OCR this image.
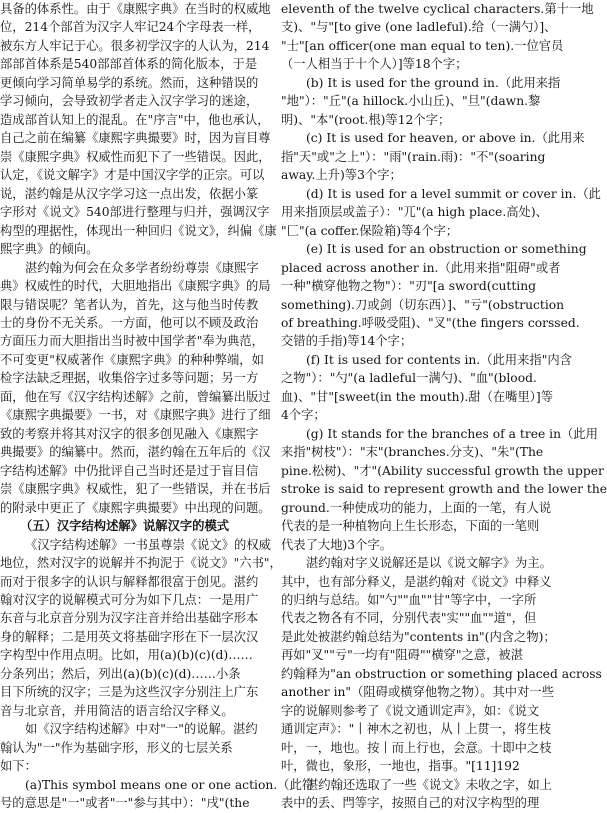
具备的体系性。由于《康熙字典》在当时的权威地
位，214个部首为汉字人牢记24个字母表一样，
被东方人牢记于心。很多初学汉字的人认为，214
部部首体系是540部部首体系的简化版本，于是
更倾向学习简单易学的系统。然而，这种错误的
学习倾向，会导致初学者走入汉字学习的迷途，
造成部首认知上的混乱。在"序言"中，他也承认，
自己之前在编纂《康熙字典撮要》时，因为盲目尊
崇《康熙字典》权威性而犯下了一些错误。因此，
认定，《说文解字》才是中国汉字学的正宗。可以
说，湛约翰是从汉字学习这一点出发，依据小篆
字形对《说文》540部进行整理与归并，强调汉字
构型的理据性，体现出一种回归《说文》，纠偏《康
熙字典》的倾向。
湛约翰为何会在众多学者纷纷尊崇《康熙字
典》权威性的时代，大胆地指出《康熙字典》的局
限与错误呢？笔者认为，首先，这与他当时传教
士的身份不无关系。一方面，他可以不顾及政治
方面压力而大胆指出当时被中国学者"奉为典范，
不可变更"权威著作《康熙字典》的种种弊端，如
检字法缺乏理据，收集俗字过多等问题；另一方
面，他在写《汉字结构述解》之前，曾编纂出版过
《康熙字典撮要》一书，对《康熙字典》进行了细
致的考察并将其对汉字的很多创见融入《康熙字
典撮要》的编纂中。然而，湛约翰在五年后的《汉
字结构述解》中仍批评自己当时还是过于盲目信
崇《康熙字典》权威性，犯了一些错误，并在书后
的附录中更正了《康熙字典撮要》中出现的问题。
（五）汉字结构述解》说解汉字的模式
《汉字结构述解》一书虽尊崇《说文》的权威
地位，然对汉字的说解并不拘泥于《说文》"六书"，
而对于很多字的认识与解释都很富于创见。湛约
翰对汉字的说解模式可分为如下几点：一是用广
东音与北京音分别为汉字注音并给出基础字形本
身的解释；二是用英文将基础字形在下一层次汉
字构型中作用点明。比如，用(a)(b)(c)(d)……
分条列出；然后，列出(a)(b)(c)(d)……小条
目下所统的汉字；三是为这些汉字分别注上广东
音与北京音，并用简洁的语言给汉字释义。
如《汉字结构述解》中对"一"的说解。湛约
翰认为"一"作为基础字形，形义的七层关系
如下：
(a)This symbol means one or one action.（此符
号的意思是"一"或者"一"参与其中）："戌"(the
eleventh of the twelve cyclical characters.第十一地
支)、"与"[to give (one ladleful).给（一满勺）]、
"士"[an officer(one man equal to ten).一位官员
（一人相当于十个人）]等18个字；
(b) It is used for the ground in.（此用来指
"地"）："丘"(a hillock.小山丘)、"旦"(dawn.黎
明)、"本"(root.根)等12个字；
(c) It is used for heaven, or above in.（此用来
指"天"或"之上"）："雨"(rain.雨)："不"(soaring
away.上升)等3个字；
(d) It is used for a level summit or cover in.（此
用来指顶层或盖子）："兀"(a high place.高处)、
"匚"(a coffer.保险箱)等4个字；
(e) It is used for an obstruction or something
placed across another in.（此用来指"阻碍"或者
一种"横穿他物之物"）："刃"[a sword(cutting
something).刀或剑（切东西）]、"亏"(obstruction
of breathing.呼吸受阻)、"叉"(the fingers corssed.
交错的手指)等14个字；
(f) It is used for contents in.（此用来指"内含
之物"）："勺"(a ladleful一满勺)、"血"(blood.
血)、"甘"[sweet(in the mouth).甜（在嘴里）]等
4个字；
(g) It stands for the branches of a tree in（此用
来指"树枝"）："末"(branches.分支)、"朱"(The
pine.松树)、"才"(Ability successful growth the upper
stroke is said to represent growth and the lower the
ground.一种使成功的能力，上面的一笔，有人说
代表的是一种植物向上生长形态，下面的一笔则
代表了大地)3个字。
湛约翰对字义说解还是以《说文解字》为主。
其中，也有部分释义，是湛约翰对《说文》中释义
的归纳与总结。如"勺""血""甘"等字中，一字所
代表之物各有不同，分别代表"实""血""道"，但
是此处被湛约翰总结为"contents in"(内含之物)；
再如"叉""亏"一均有"阻碍""横穿"之意，被湛
约翰释为"an obstruction or something placed across
another in"（阻碍或横穿他物之物）。其中对一些
字的说解则参考了《说文通训定声》，如：《说文
通训定声》："丨神木之初也，从丨上贯一，将生枝
叶，一，地也。按丨而上行也，会意。十即中之枝
叶，微也，象形，一地也，指事。"[11]192
湛约翰还选取了一些《说文》未收之字，如上
表中的丢、閂等字，按照自己的对汉字构型的理
